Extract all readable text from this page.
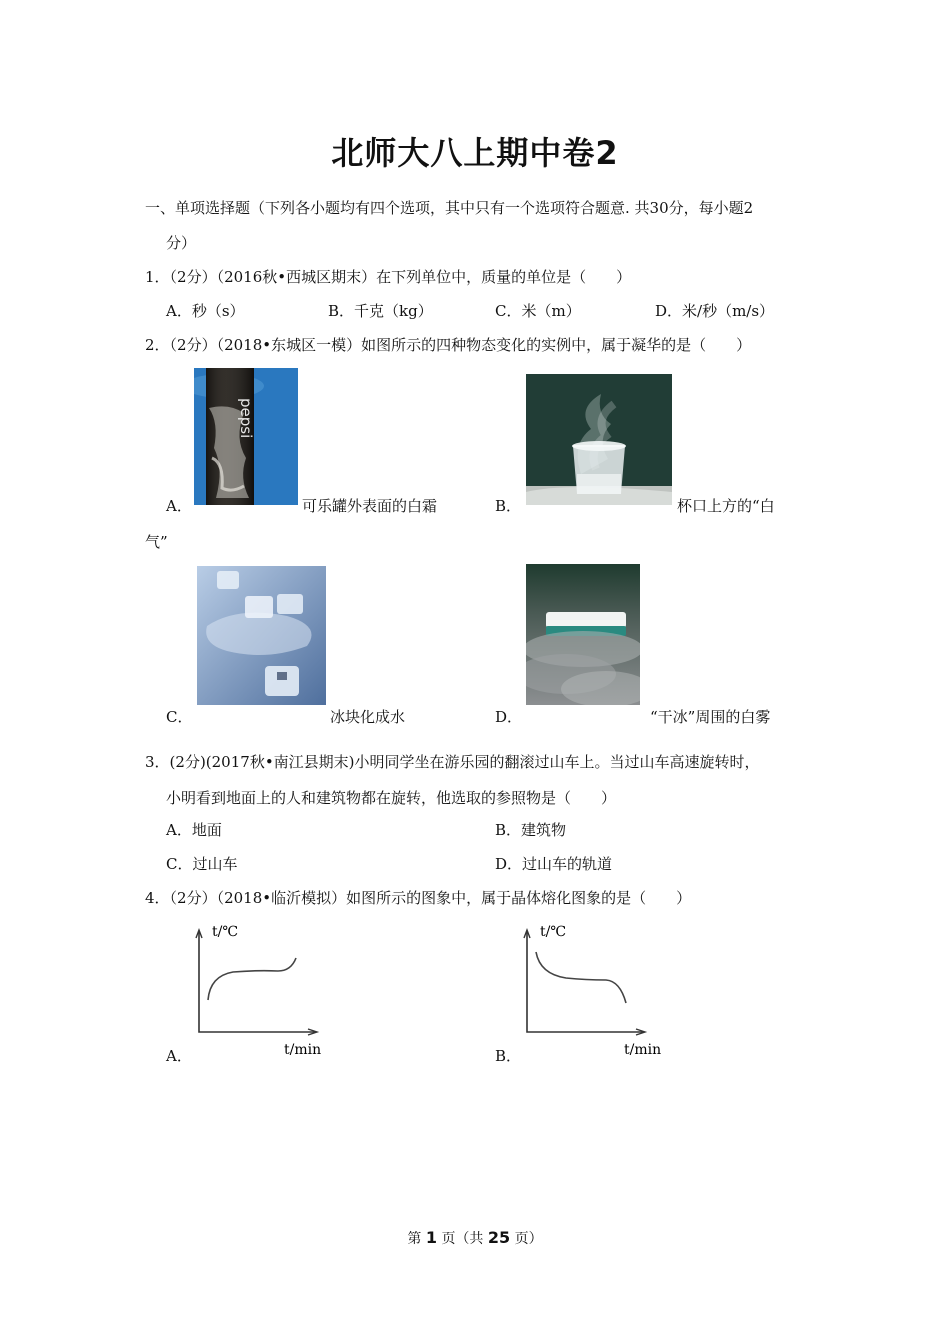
北师大八上期中卷2
一、单项选择题（下列各小题均有四个选项，其中只有一个选项符合题意. 共30分，每小题2
分）
1．（2分）（2016秋•西城区期末）在下列单位中，质量的单位是（　　）
A．秒（s）	B．千克（kg）	C．米（m）	D．米/秒（m/s）
2．（2分）（2018•东城区一模）如图所示的四种物态变化的实例中，属于凝华的是（　　）
pepsi
A．	可乐罐外表面的白霜	B．	杯口上方的“白
气”
C．	冰块化成水	D．	“干冰”周围的白雾
3．(2分)(2017秋•南江县期末)小明同学坐在游乐园的翻滚过山车上。当过山车高速旋转时，
小明看到地面上的人和建筑物都在旋转，他选取的参照物是（　　）
A．地面	B．建筑物
C．过山车	D．过山车的轨道
4．（2分）（2018•临沂模拟）如图所示的图象中，属于晶体熔化图象的是（　　）
t/℃
t/min
A．
t/℃
t/min
B．
第 1 页（共 25 页）
